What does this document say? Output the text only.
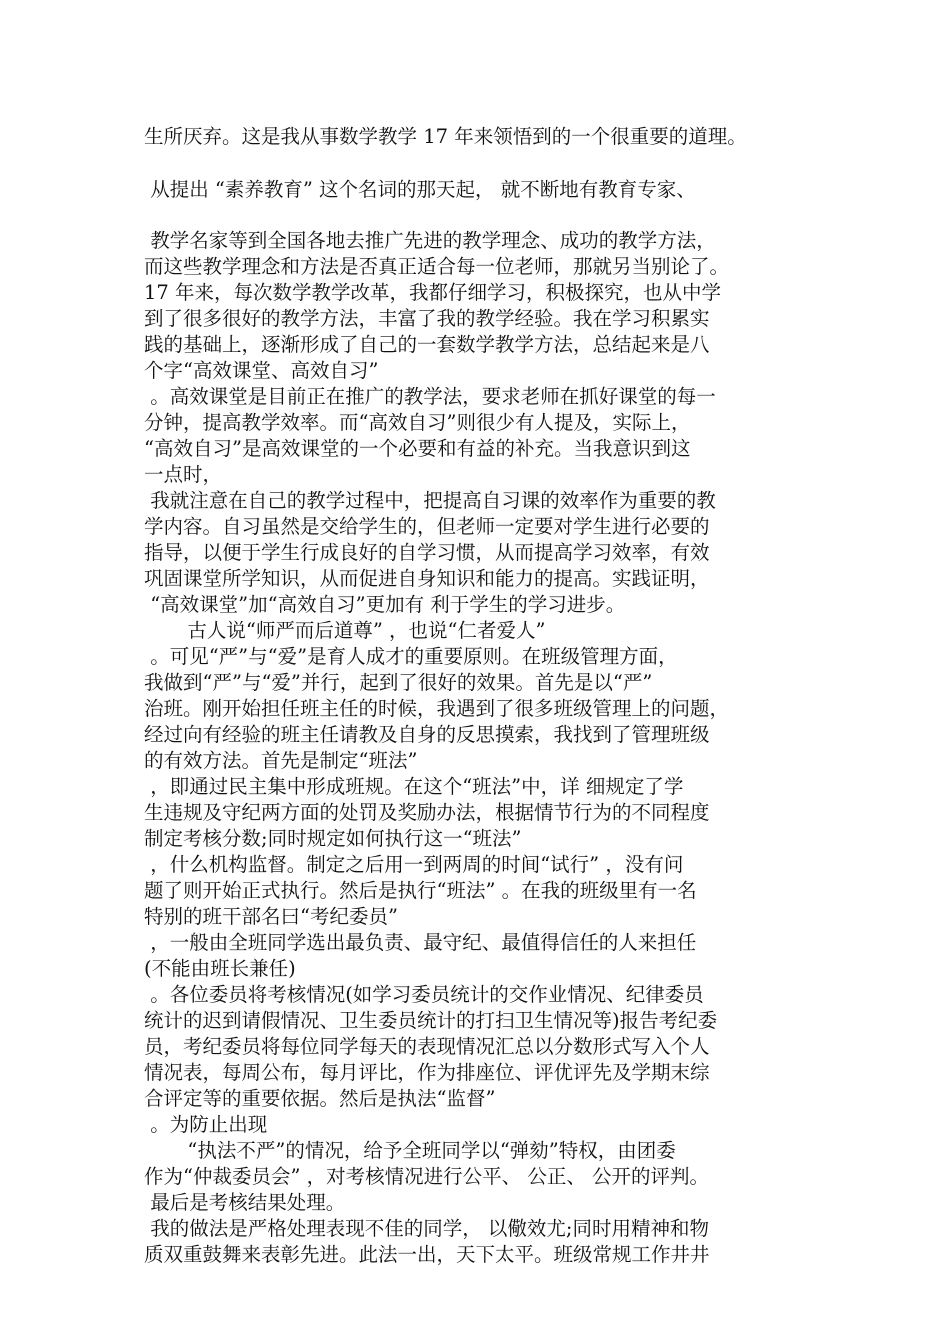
生所厌弃。这是我从事数学教学 17 年来领悟到的一个很重要的道理。
从提出 “素养教育” 这个名词的那天起， 就不断地有教育专家、
教学名家等到全国各地去推广先进的教学理念、成功的教学方法，
而这些教学理念和方法是否真正适合每一位老师，那就另当别论了。
17 年来，每次数学教学改革，我都仔细学习，积极探究，也从中学
到了很多很好的教学方法，丰富了我的教学经验。我在学习积累实
践的基础上，逐渐形成了自己的一套数学教学方法，总结起来是八
个字“高效课堂、高效自习”
。高效课堂是目前正在推广的教学法，要求老师在抓好课堂的每一
分钟，提高教学效率。而“高效自习”则很少有人提及，实际上，
“高效自习”是高效课堂的一个必要和有益的补充。当我意识到这
一点时，
我就注意在自己的教学过程中，把提高自习课的效率作为重要的教
学内容。自习虽然是交给学生的，但老师一定要对学生进行必要的
指导，以便于学生行成良好的自学习惯，从而提高学习效率，有效
巩固课堂所学知识，从而促进自身知识和能力的提高。实践证明，
“高效课堂”加“高效自习”更加有 利于学生的学习进步。
古人说“师严而后道尊” ，也说“仁者爱人”
。可见“严”与“爱”是育人成才的重要原则。在班级管理方面，
我做到“严”与“爱”并行，起到了很好的效果。首先是以“严”
治班。刚开始担任班主任的时候，我遇到了很多班级管理上的问题，
经过向有经验的班主任请教及自身的反思摸索，我找到了管理班级
的有效方法。首先是制定“班法”
，即通过民主集中形成班规。在这个“班法”中，详 细规定了学
生违规及守纪两方面的处罚及奖励办法，根据情节行为的不同程度
制定考核分数;同时规定如何执行这一“班法”
，什么机构监督。制定之后用一到两周的时间“试行” ，没有问
题了则开始正式执行。然后是执行“班法” 。在我的班级里有一名
特别的班干部名曰“考纪委员”
，一般由全班同学选出最负责、最守纪、最值得信任的人来担任
(不能由班长兼任)
。各位委员将考核情况(如学习委员统计的交作业情况、纪律委员
统计的迟到请假情况、卫生委员统计的打扫卫生情况等)报告考纪委
员，考纪委员将每位同学每天的表现情况汇总以分数形式写入个人
情况表，每周公布，每月评比，作为排座位、评优评先及学期末综
合评定等的重要依据。然后是执法“监督”
。为防止出现
“执法不严”的情况，给予全班同学以“弹劾”特权，由团委
作为“仲裁委员会” ，对考核情况进行公平、 公正、 公开的评判。
最后是考核结果处理。
我的做法是严格处理表现不佳的同学， 以儆效尤;同时用精神和物
质双重鼓舞来表彰先进。此法一出，天下太平。班级常规工作井井
